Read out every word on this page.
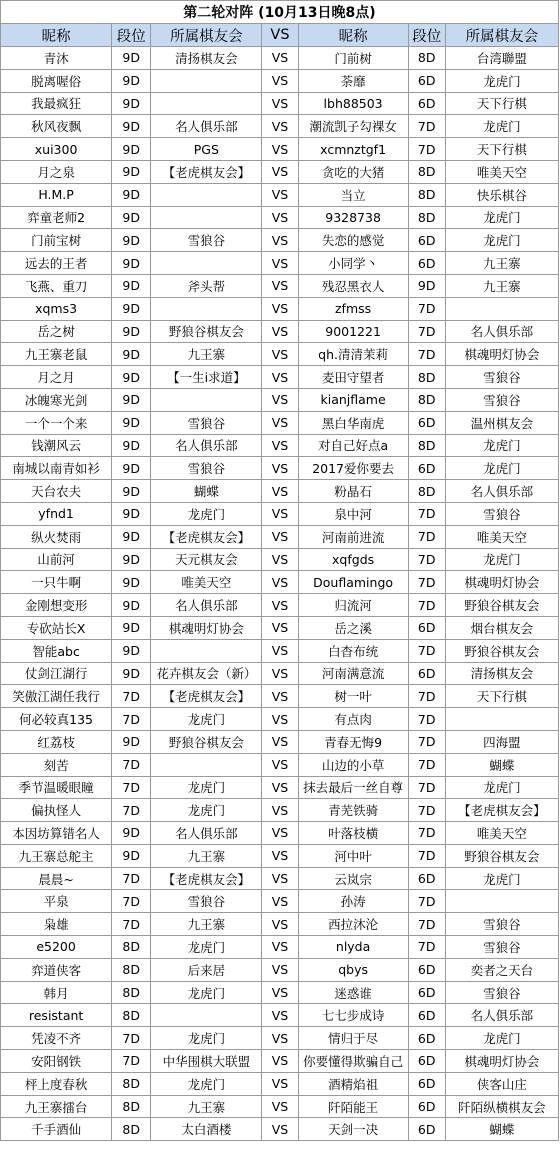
第二轮对阵 (10月13日晚8点)						
昵称	段位	所属棋友会	VS	昵称	段位	所属棋友会
青沐	9D	清扬棋友会	VS	门前树	8D	台湾聯盟
脱离喔俗	9D		VS	荼靡	6D	龙虎门
我最疯狂	9D		VS	lbh88503	6D	天下行棋
秋风夜飘	9D	名人俱乐部	VS	潮流凯子勾裸女	7D	龙虎门
xui300	9D	PGS	VS	xcmnztgf1	7D	天下行棋
月之泉	9D	【老虎棋友会】	VS	贪吃的大猪	8D	唯美天空
H.M.P	9D		VS	当立	8D	快乐棋谷
弈童老师2	9D		VS	9328738	8D	龙虎门
门前宝树	9D	雪狼谷	VS	失恋的感觉	6D	龙虎门
远去的王者	9D		VS	小同学丶	6D	九王寨
飞燕、重刀	9D	斧头帮	VS	残忍黑衣人	9D	九王寨
xqms3	9D		VS	zfmss	7D	
岳之树	9D	野狼谷棋友会	VS	9001221	7D	名人俱乐部
九王寨老鼠	9D	九王寨	VS	qh.清清茉莉	7D	棋魂明灯协会
月之月	9D	【一生i求道】	VS	麦田守望者	8D	雪狼谷
冰魄寒光剑	9D		VS	kianjflame	8D	雪狼谷
一个一个来	9D	雪狼谷	VS	黑白华南虎	6D	温州棋友会
钱潮风云	9D	名人俱乐部	VS	对自己好点a	8D	龙虎门
南城以南青如衫	9D	雪狼谷	VS	2017爱你要去	6D	龙虎门
天台农夫	9D	蝴蝶	VS	粉晶石	8D	名人俱乐部
yfnd1	9D	龙虎门	VS	泉中河	7D	雪狼谷
纵火焚雨	9D	【老虎棋友会】	VS	河南前进流	7D	唯美天空
山前河	9D	天元棋友会	VS	xqfgds	7D	龙虎门
一只牛啊	9D	唯美天空	VS	Douflamingo	7D	棋魂明灯协会
金刚想变形	9D	名人俱乐部	VS	归流河	7D	野狼谷棋友会
专砍站长X	9D	棋魂明灯协会	VS	岳之溪	6D	烟台棋友会
智能abc	9D		VS	白杳布统	7D	野狼谷棋友会
仗剑江湖行	9D	花卉棋友会（新）	VS	河南满意流	6D	清扬棋友会
笑傲江湖任我行	7D	【老虎棋友会】	VS	树一叶	7D	天下行棋
何必较真135	7D	龙虎门	VS	有点肉	7D	
红荔枝	9D	野狼谷棋友会	VS	青春无悔9	7D	四海盟
刻苦	7D		VS	山边的小草	7D	蝴蝶
季节温暖眼瞳	7D	龙虎门	VS	抹去最后一丝自尊	7D	龙虎门
偏执怪人	7D	龙虎门	VS	青芜铁骑	7D	【老虎棋友会】
本因坊算错名人	9D	名人俱乐部	VS	叶落枝横	7D	唯美天空
九王寨总舵主	9D	九王寨	VS	河中叶	7D	野狼谷棋友会
晨晨~	7D	【老虎棋友会】	VS	云岚宗	6D	龙虎门
平泉	7D	雪狼谷	VS	孙涛	7D	
枭雄	7D	九王寨	VS	西拉沐沦	7D	雪狼谷
e5200	8D	龙虎门	VS	nlyda	7D	雪狼谷
弈道侠客	8D	后来居	VS	qbys	6D	奕者之天台
韩月	8D	龙虎门	VS	迷惑谁	6D	雪狼谷
resistant	8D		VS	七七步成诗	6D	名人俱乐部
凭凌不齐	7D	龙虎门	VS	情归于尽	6D	龙虎门
安阳钢铁	7D	中华围棋大联盟	VS	你要懂得欺骗自己	6D	棋魂明灯协会
枰上度春秋	8D	龙虎门	VS	酒精焰祖	6D	侠客山庄
九王寨擂台	8D	九王寨	VS	阡陌能王	6D	阡陌纵横棋友会
千手酒仙	8D	太白酒楼	VS	天剑一决	6D	蝴蝶
